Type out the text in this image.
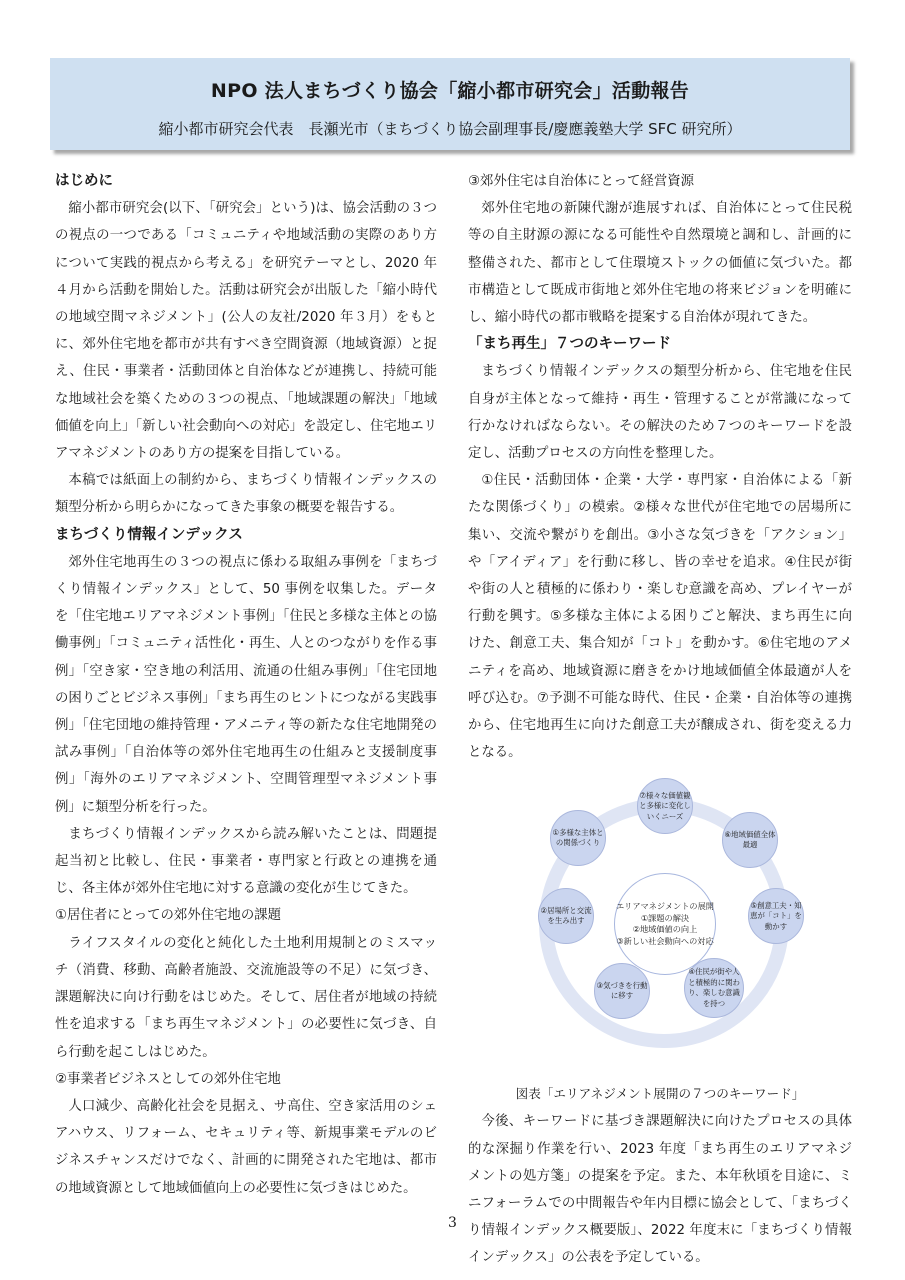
NPO 法人まちづくり協会「縮小都市研究会」活動報告
縮小都市研究会代表　長瀬光市（まちづくり協会副理事長/慶應義塾大学 SFC 研究所）
はじめに

縮小都市研究会(以下、「研究会」という)は、協会活動の３つの視点の一つである「コミュニティや地域活動の実際のあり方について実践的視点から考える」を研究テーマとし、2020 年４月から活動を開始した。活動は研究会が出版した「縮小時代の地域空間マネジメント」(公人の友社/2020 年３月）をもとに、郊外住宅地を都市が共有すべき空間資源（地域資源）と捉え、住民・事業者・活動団体と自治体などが連携し、持続可能な地域社会を築くための３つの視点、「地域課題の解決」「地域価値を向上」「新しい社会動向への対応」を設定し、住宅地エリアマネジメントのあり方の提案を目指している。

本稿では紙面上の制約から、まちづくり情報インデックスの類型分析から明らかになってきた事象の概要を報告する。

まちづくり情報インデックス

郊外住宅地再生の３つの視点に係わる取組み事例を「まちづくり情報インデックス」として、50 事例を収集した。データを「住宅地エリアマネジメント事例」「住民と多様な主体との協働事例」「コミュニティ活性化・再生、人とのつながりを作る事例」「空き家・空き地の利活用、流通の仕組み事例」「住宅団地の困りごとビジネス事例」「まち再生のヒントにつながる実践事例」「住宅団地の維持管理・アメニティ等の新たな住宅地開発の試み事例」「自治体等の郊外住宅地再生の仕組みと支援制度事例」「海外のエリアマネジメント、空間管理型マネジメント事例」に類型分析を行った。

まちづくり情報インデックスから読み解いたことは、問題提起当初と比較し、住民・事業者・専門家と行政との連携を通じ、各主体が郊外住宅地に対する意識の変化が生じてきた。

①居住者にとっての郊外住宅地の課題

ライフスタイルの変化と純化した土地利用規制とのミスマッチ（消費、移動、高齢者施設、交流施設等の不足）に気づき、課題解決に向け行動をはじめた。そして、居住者が地域の持続性を追求する「まち再生マネジメント」の必要性に気づき、自ら行動を起こしはじめた。

②事業者ビジネスとしての郊外住宅地

人口減少、高齢化社会を見据え、サ高住、空き家活用のシェアハウス、リフォーム、セキュリティ等、新規事業モデルのビジネスチャンスだけでなく、計画的に開発された宅地は、都市の地域資源として地域価値向上の必要性に気づきはじめた。

③郊外住宅は自治体にとって経営資源

郊外住宅地の新陳代謝が進展すれば、自治体にとって住民税等の自主財源の源になる可能性や自然環境と調和し、計画的に整備された、都市として住環境ストックの価値に気づいた。都市構造として既成市街地と郊外住宅地の将来ビジョンを明確にし、縮小時代の都市戦略を提案する自治体が現れてきた。

「まち再生」７つのキーワード

まちづくり情報インデックスの類型分析から、住宅地を住民自身が主体となって維持・再生・管理することが常識になって行かなければならない。その解決のため７つのキーワードを設定し、活動プロセスの方向性を整理した。

①住民・活動団体・企業・大学・専門家・自治体による「新たな関係づくり」の模索。②様々な世代が住宅地での居場所に集い、交流や繋がりを創出。③小さな気づきを「アクション」や「アイディア」を行動に移し、皆の幸せを追求。④住民が街や街の人と積極的に係わり・楽しむ意識を高め、プレイヤーが行動を興す。⑤多様な主体による困りごと解決、まち再生に向けた、創意工夫、集合知が「コト」を動かす。⑥住宅地のアメニティを高め、地域資源に磨きをかけ地域価値全体最適が人を呼び込む。⑦予測不可能な時代、住民・企業・自治体等の連携から、住宅地再生に向けた創意工夫が醸成され、街を変える力となる。

エリアマネジメントの展開
①課題の解決
②地域価値の向上
③新しい社会動向への対応
⑦様々な価値観と多様に変化しいくニーズ
⑥地域価値全体最適
⑤創意工夫・知恵が「コト」を動かす
④住民が街や人と積極的に関わり、楽しむ意識を持つ
③気づきを行動に移す
②居場所と交流を生み出す
①多様な主体との関係づくり
図表「エリアネジメント展開の７つのキーワード」

今後、キーワードに基づき課題解決に向けたプロセスの具体的な深掘り作業を行い、2023 年度「まち再生のエリアマネジメントの処方箋」の提案を予定。また、本年秋頃を目途に、ミニフォーラムでの中間報告や年内目標に協会として、「まちづくり情報インデックス概要版」、2022 年度末に「まちづくり情報インデックス」の公表を予定している。

3
